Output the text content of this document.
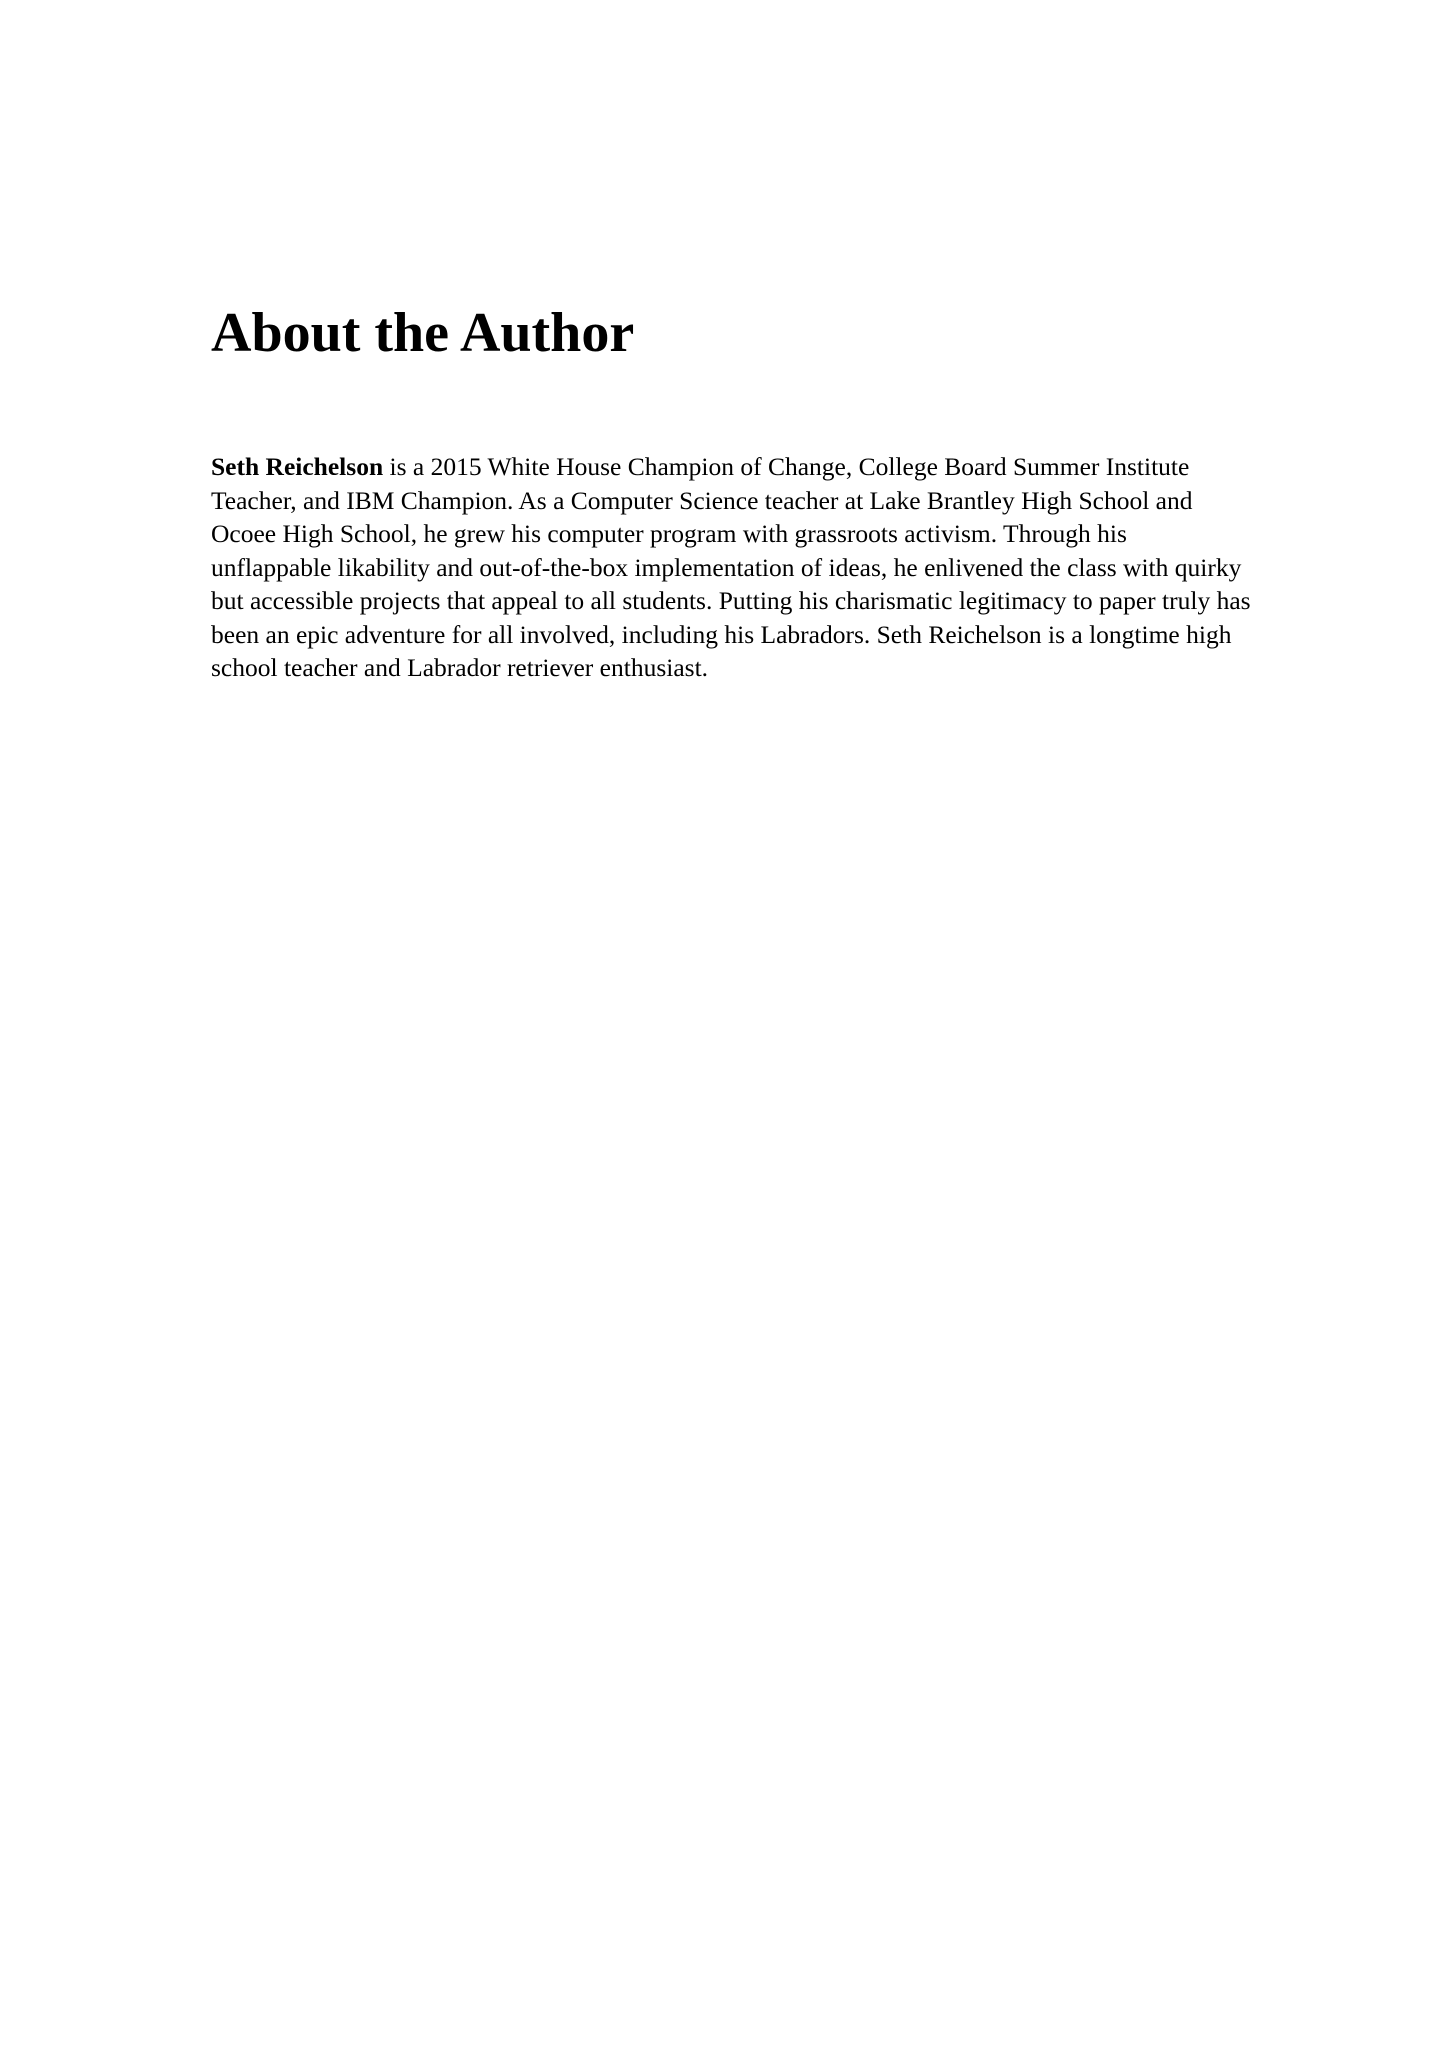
About the Author

Seth Reichelson is a 2015 White House Champion of Change, College Board Summer Institute Teacher, and IBM Champion. As a Computer Science teacher at Lake Brantley High School and Ocoee High School, he grew his computer program with grassroots activism. Through his unflappable likability and out-of-the-box implementation of ideas, he enlivened the class with quirky but accessible projects that appeal to all students. Putting his charismatic legitimacy to paper truly has been an epic adventure for all involved, including his Labradors. Seth Reichelson is a longtime high school teacher and Labrador retriever enthusiast.
